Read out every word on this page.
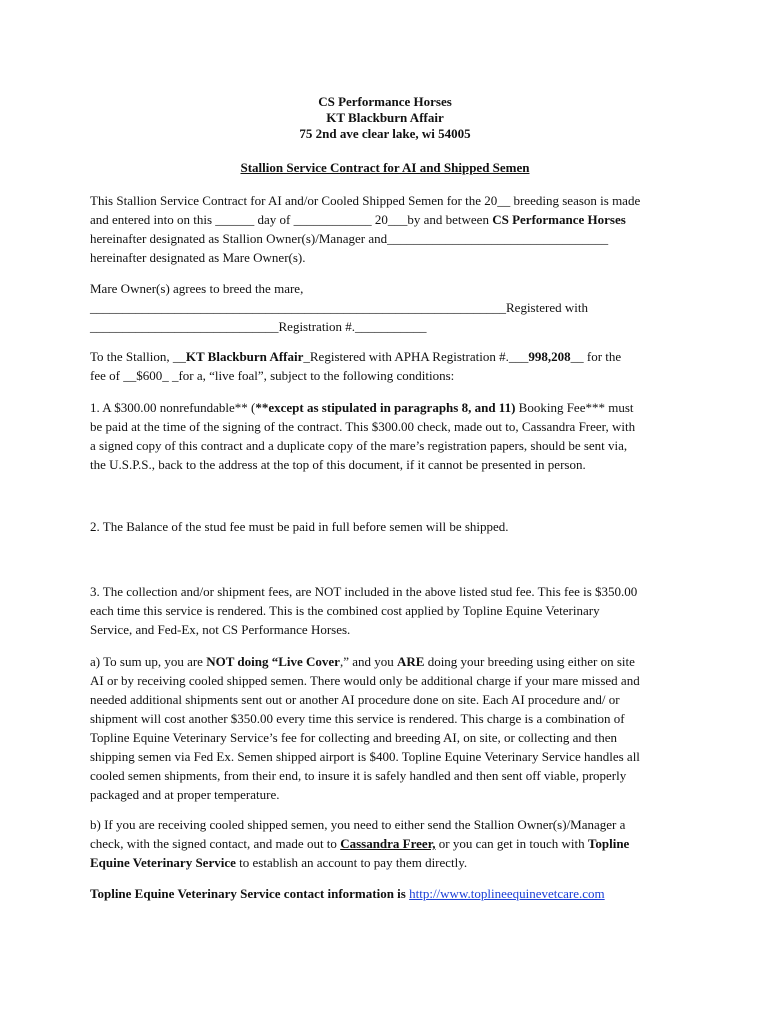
CS Performance Horses
KT Blackburn Affair
75 2nd ave clear lake, wi 54005
Stallion Service Contract for AI and Shipped Semen
This Stallion Service Contract for AI and/or Cooled Shipped Semen for the 20__ breeding season is made
and entered into on this ______ day of ____________ 20___by and between CS Performance Horses
hereinafter designated as Stallion Owner(s)/Manager and__________________________________
hereinafter designated as Mare Owner(s).
Mare Owner(s) agrees to breed the mare,
________________________________________________________________Registered with
_____________________________Registration #.___________
To the Stallion, __KT Blackburn Affair_Registered with APHA Registration #.___998,208__ for the
fee of __$600_ _for a, “live foal”, subject to the following conditions:
1. A $300.00 nonrefundable** (**except as stipulated in paragraphs 8, and 11) Booking Fee*** must
be paid at the time of the signing of the contract. This $300.00 check, made out to, Cassandra Freer, with
a signed copy of this contract and a duplicate copy of the mare’s registration papers, should be sent via,
the U.S.P.S., back to the address at the top of this document, if it cannot be presented in person.
2. The Balance of the stud fee must be paid in full before semen will be shipped.
3. The collection and/or shipment fees, are NOT included in the above listed stud fee. This fee is $350.00
each time this service is rendered. This is the combined cost applied by Topline Equine Veterinary
Service, and Fed-Ex, not CS Performance Horses.
a) To sum up, you are NOT doing “Live Cover,” and you ARE doing your breeding using either on site
AI or by receiving cooled shipped semen. There would only be additional charge if your mare missed and
needed additional shipments sent out or another AI procedure done on site. Each AI procedure and/ or
shipment will cost another $350.00 every time this service is rendered. This charge is a combination of
Topline Equine Veterinary Service’s fee for collecting and breeding AI, on site, or collecting and then
shipping semen via Fed Ex. Semen shipped airport is $400. Topline Equine Veterinary Service handles all
cooled semen shipments, from their end, to insure it is safely handled and then sent off viable, properly
packaged and at proper temperature.
b) If you are receiving cooled shipped semen, you need to either send the Stallion Owner(s)/Manager a
check, with the signed contact, and made out to Cassandra Freer, or you can get in touch with Topline
Equine Veterinary Service to establish an account to pay them directly.
Topline Equine Veterinary Service contact information is http://www.toplineequinevetcare.com
